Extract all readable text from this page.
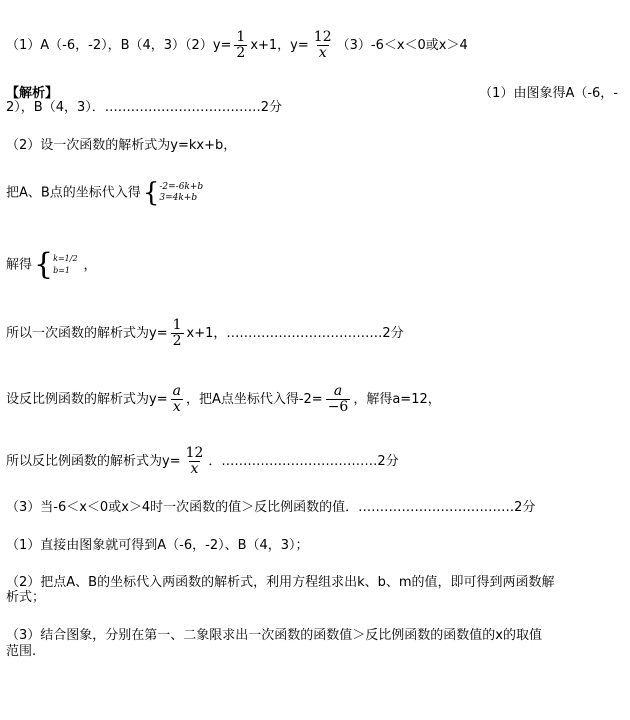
（1）A（-6，-2），B（4，$3)(2)y= \frac{1}{2} x+1$，$y= \frac{12}{x} (3)-6<x<0$或x＞4
【解析】	（1）由图象得A（-6，-
2），B（4，3）．………………………………2分
（2）设一次函数的解析式为y=kx+b，
把A、B点的坐标代入得 { -2=-6k+b
3=4k+b
解得 { k=1/2
b=1	，
所以一次函数的解析式为$y= \frac{1}{2} x+1$，………………………………2分
设反比例函数的解析式为$y= \frac{a}{x}$ ，把A点坐标代入得$-2= \frac{a}{-6}$ ，解得a=12，
所以反比例函数的解析式为$y= \frac{12}{x}$ ．………………………………2分
（3）当-6＜x＜0或x＞4时一次函数的值＞反比例函数的值．………………………………2分
（1）直接由图象就可得到A（-6，-2）、B（4，3）；
（2）把点A、B的坐标代入两函数的解析式，利用方程组求出k、b、m的值，即可得到两函数解
析式；
（3）结合图象，分别在第一、二象限求出一次函数的函数值＞反比例函数的函数值的x的取值
范围.
